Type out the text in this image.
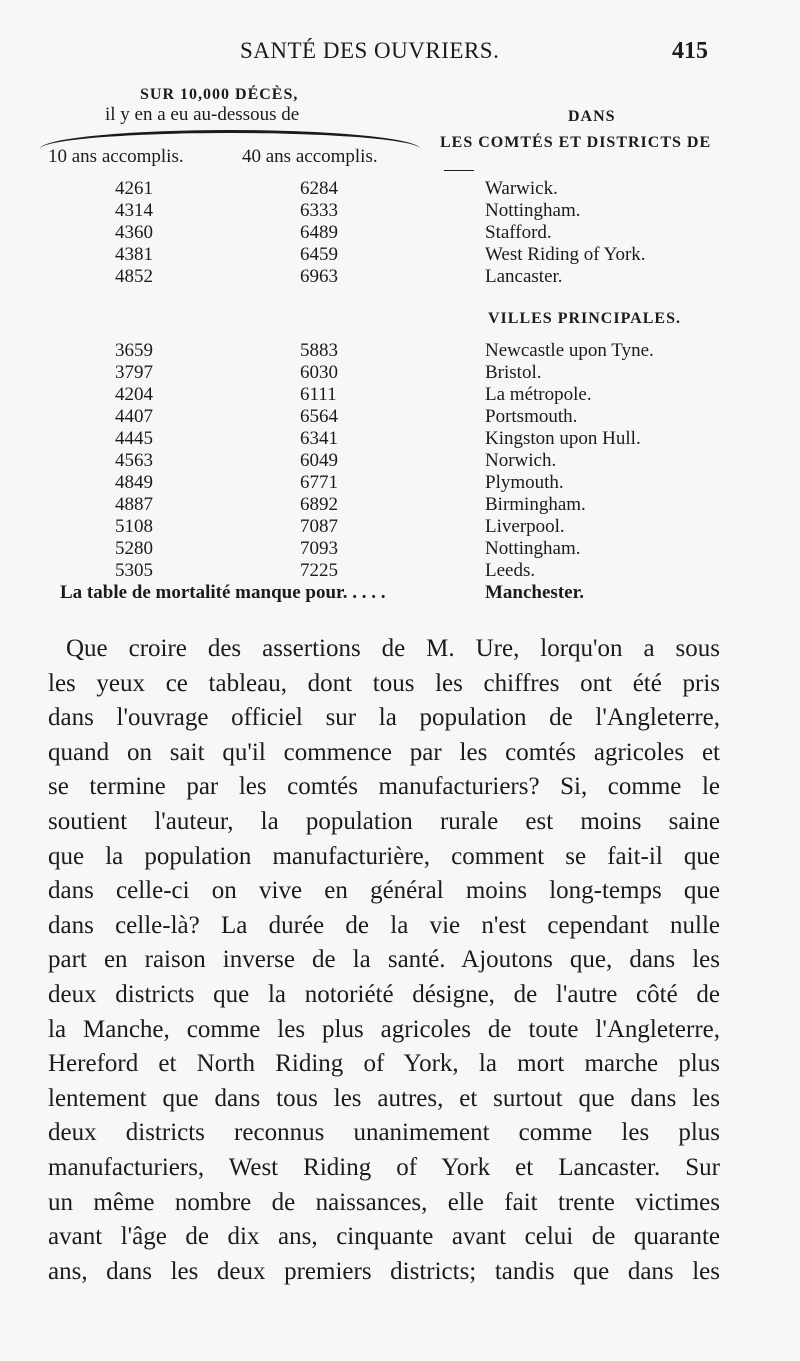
SANTÉ DES OUVRIERS.	415
SUR 10,000 DÉCÈS,
il y en a eu au-dessous de	DANS
LES COMTÉS ET DISTRICTS DE
10 ans accomplis.	40 ans accomplis.
4261	6284	Warwick.
4314	6333	Nottingham.
4360	6489	Stafford.
4381	6459	West Riding of York.
4852	6963	Lancaster.
VILLES PRINCIPALES.
3659	5883	Newcastle upon Tyne.
3797	6030	Bristol.
4204	6111	La métropole.
4407	6564	Portsmouth.
4445	6341	Kingston upon Hull.
4563	6049	Norwich.
4849	6771	Plymouth.
4887	6892	Birmingham.
5108	7087	Liverpool.
5280	7093	Nottingham.
5305	7225	Leeds.
La table de mortalité manque pour. . . . .	Manchester.
Que croire des assertions de M. Ure, lorqu'on a sous
les yeux ce tableau, dont tous les chiffres ont été pris
dans l'ouvrage officiel sur la population de l'Angleterre,
quand on sait qu'il commence par les comtés agricoles et
se termine par les comtés manufacturiers? Si, comme le
soutient l'auteur, la population rurale est moins saine
que la population manufacturière, comment se fait-il que
dans celle-ci on vive en général moins long-temps que
dans celle-là? La durée de la vie n'est cependant nulle
part en raison inverse de la santé. Ajoutons que, dans les
deux districts que la notoriété désigne, de l'autre côté de
la Manche, comme les plus agricoles de toute l'Angleterre,
Hereford et North Riding of York, la mort marche plus
lentement que dans tous les autres, et surtout que dans les
deux districts reconnus unanimement comme les plus
manufacturiers, West Riding of York et Lancaster. Sur
un même nombre de naissances, elle fait trente victimes
avant l'âge de dix ans, cinquante avant celui de quarante
ans, dans les deux premiers districts; tandis que dans les
